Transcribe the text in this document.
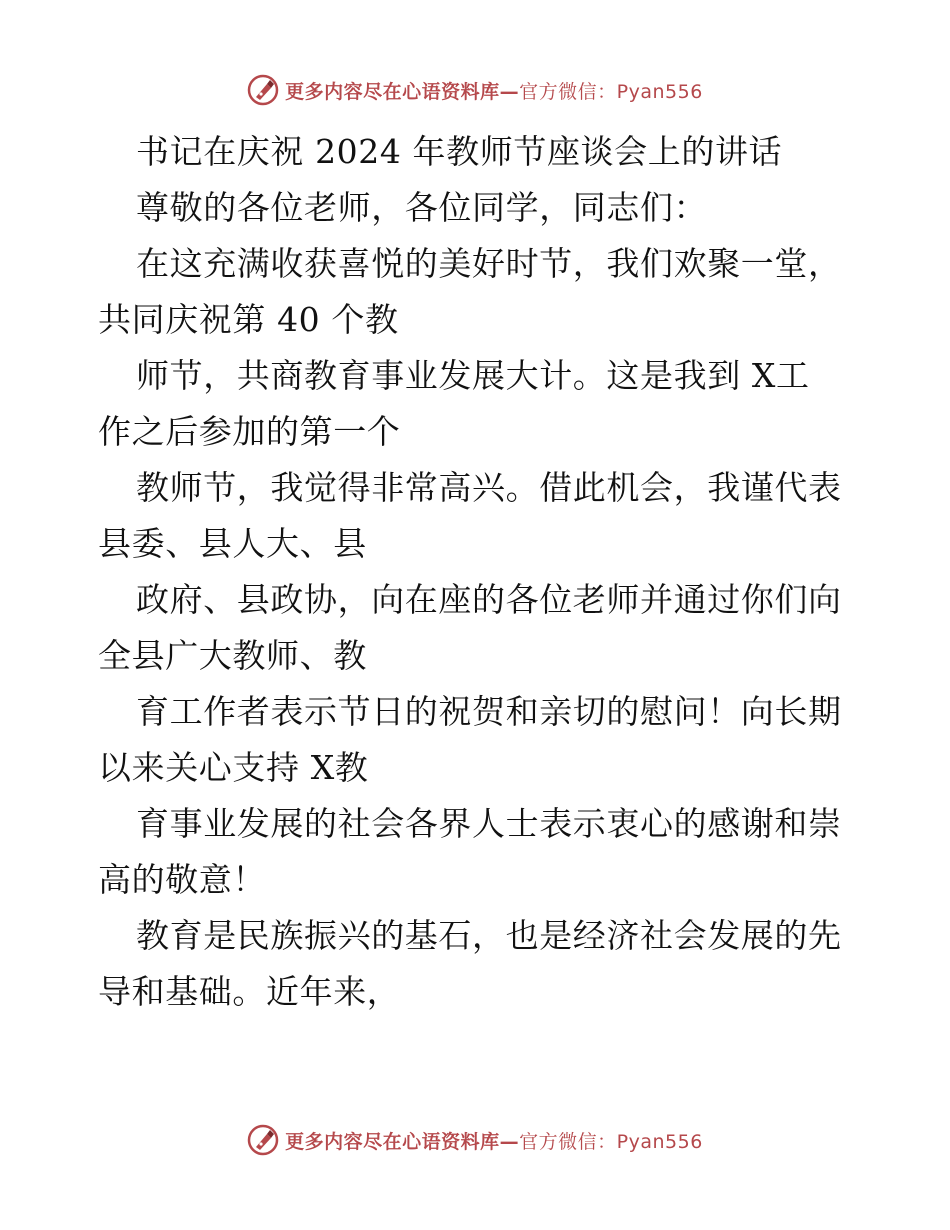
更多内容尽在心语资料库—官方微信：Pyan556
书记在庆祝 2024 年教师节座谈会上的讲话
尊敬的各位老师，各位同学，同志们：
在这充满收获喜悦的美好时节，我们欢聚一堂，
共同庆祝第 40 个教
师节，共商教育事业发展大计。这是我到 X工
作之后参加的第一个
教师节，我觉得非常高兴。借此机会，我谨代表
县委、县人大、县
政府、县政协，向在座的各位老师并通过你们向
全县广大教师、教
育工作者表示节日的祝贺和亲切的慰问！向长期
以来关心支持 X教
育事业发展的社会各界人士表示衷心的感谢和崇
高的敬意！
教育是民族振兴的基石，也是经济社会发展的先
导和基础。近年来，
更多内容尽在心语资料库—官方微信：Pyan556
